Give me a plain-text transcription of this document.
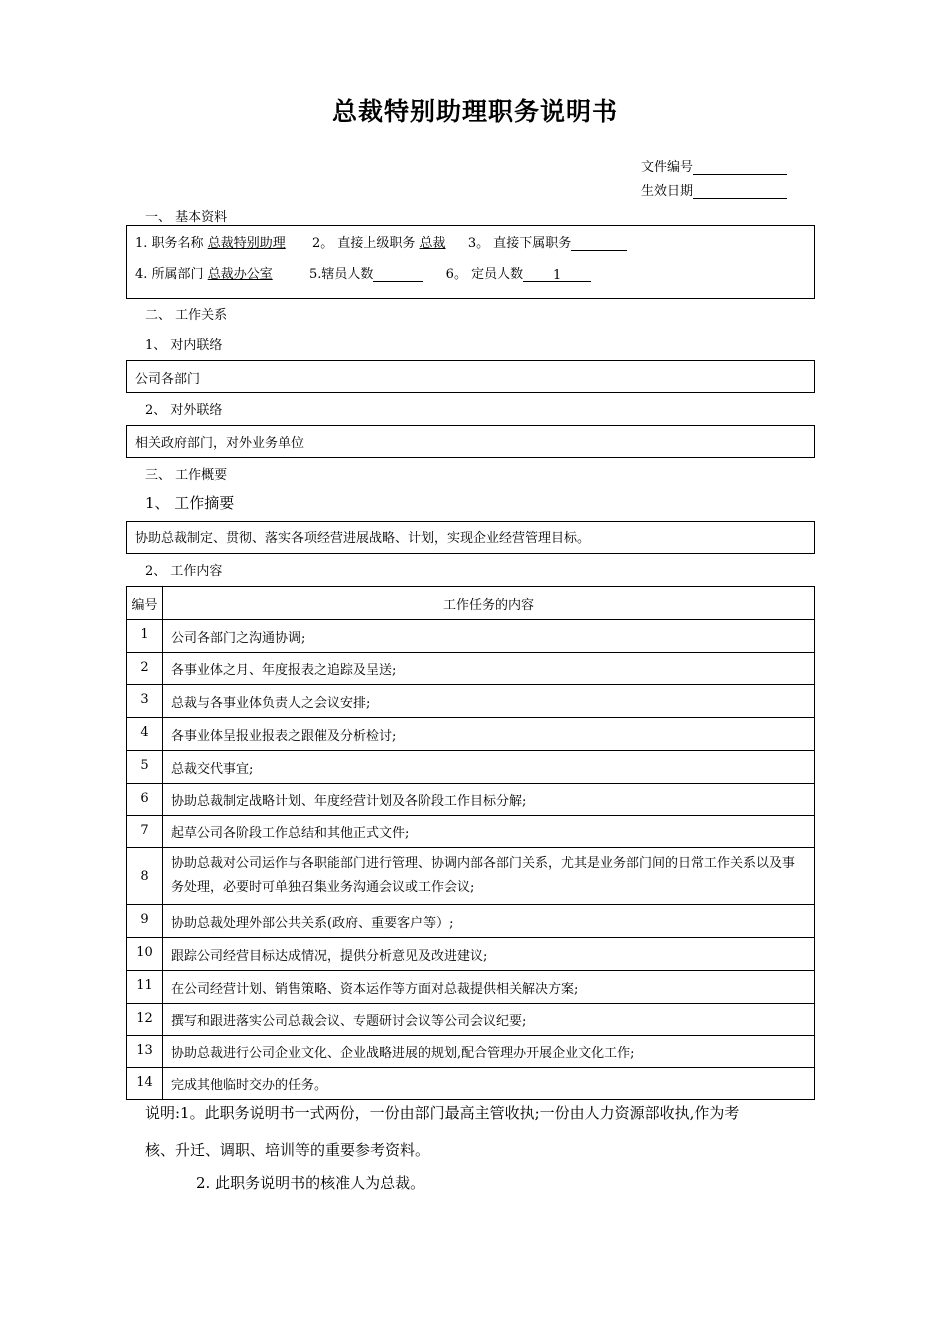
总裁特别助理职务说明书
文件编号
生效日期
一、 基本资料
1. 职务名称 总裁特别助理 2。 直接上级职务 总裁 3。 直接下属职务
4. 所属部门 总裁办公室	5.辖员人数	6。 定员人数 1
二、 工作关系
1、 对内联络
公司各部门
2、 对外联络
相关政府部门，对外业务单位
三、 工作概要
1、 工作摘要
协助总裁制定、贯彻、落实各项经营进展战略、计划，实现企业经营管理目标。
2、 工作内容
编号	工作任务的内容
1	公司各部门之沟通协调;
2	各事业体之月、年度报表之追踪及呈送;
3	总裁与各事业体负责人之会议安排;
4	各事业体呈报业报表之跟催及分析检讨;
5	总裁交代事宜;
6	协助总裁制定战略计划、年度经营计划及各阶段工作目标分解;
7	起草公司各阶段工作总结和其他正式文件;
8	协助总裁对公司运作与各职能部门进行管理、协调内部各部门关系，尤其是业务部门间的日常工作关系以及事务处理，必要时可单独召集业务沟通会议或工作会议;
9	协助总裁处理外部公共关系(政府、重要客户等）;
10	跟踪公司经营目标达成情况，提供分析意见及改进建议;
11	在公司经营计划、销售策略、资本运作等方面对总裁提供相关解决方案;
12	撰写和跟进落实公司总裁会议、专题研讨会议等公司会议纪要;
13	协助总裁进行公司企业文化、企业战略进展的规划,配合管理办开展企业文化工作;
14	完成其他临时交办的任务。
说明:1。此职务说明书一式两份，一份由部门最高主管收执;一份由人力资源部收执,作为考
核、升迁、调职、培训等的重要参考资料。
2. 此职务说明书的核准人为总裁。
